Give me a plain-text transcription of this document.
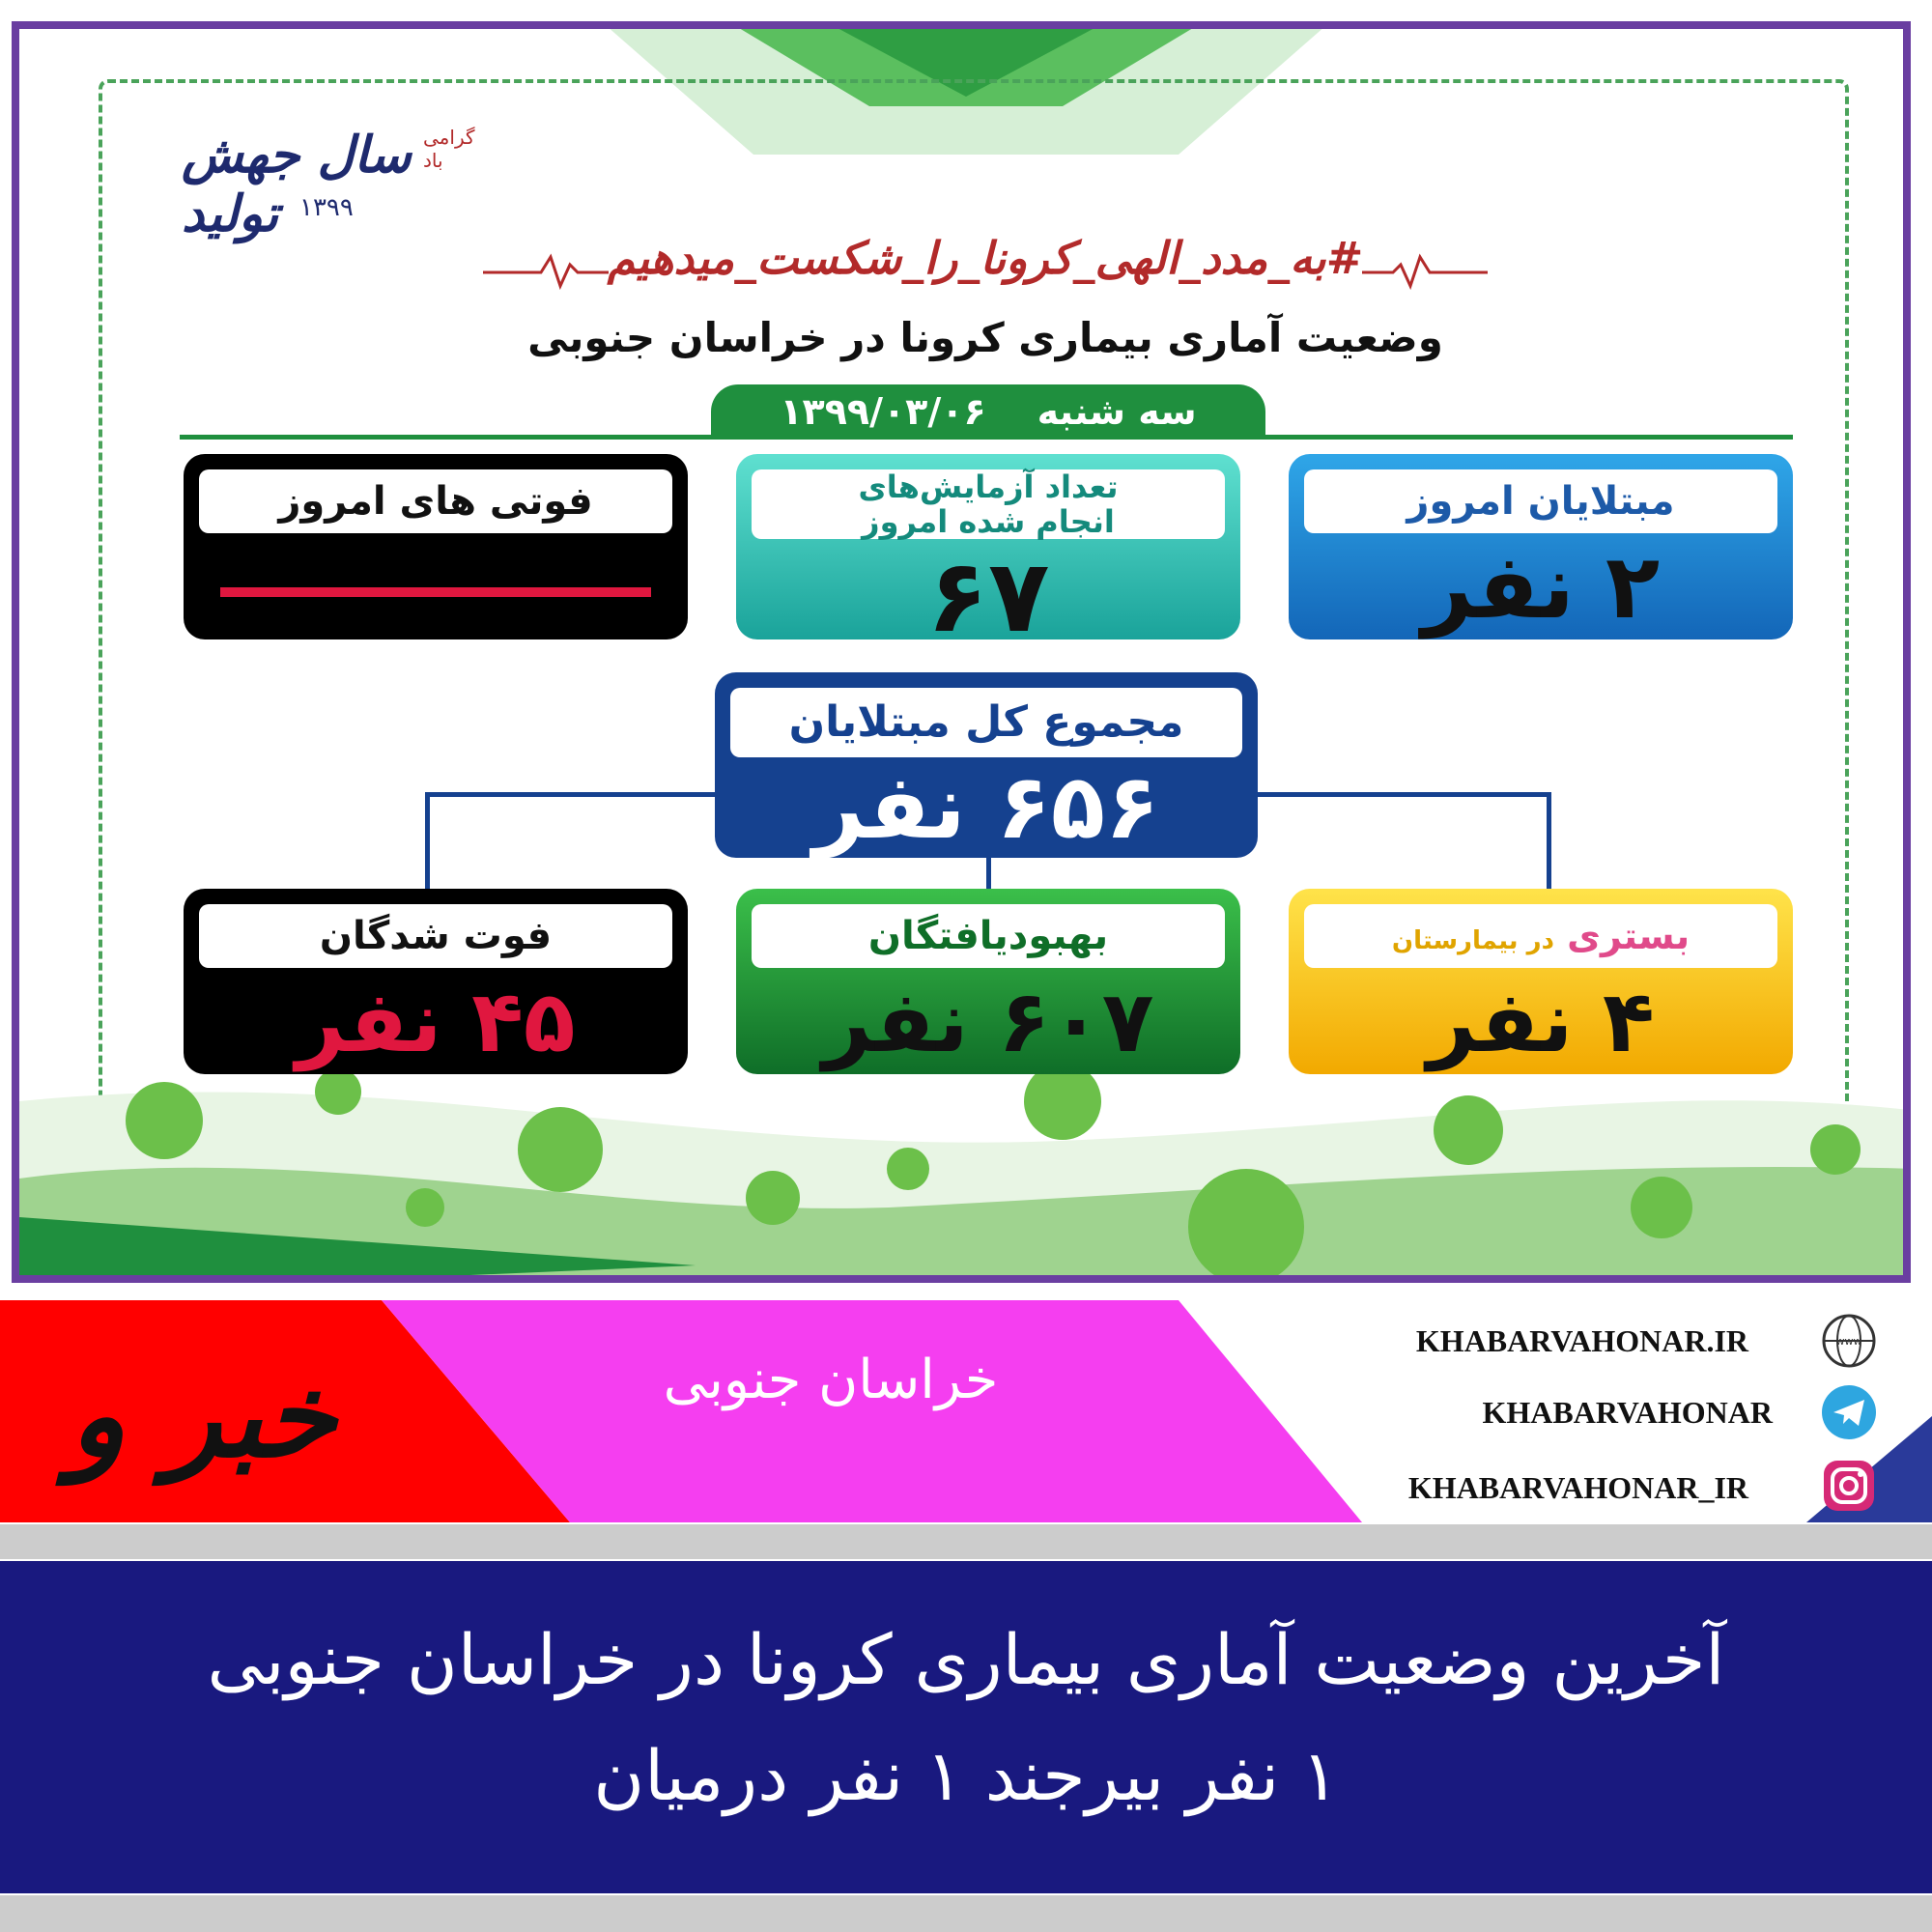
سال جهش تولید ۱۳۹۹
گرامی باد
#به_مدد_الهی_کرونا_را_شکست_میدهیم
وضعیت آماری بیماری کرونا در خراسان جنوبی
سه شنبه    ۱۳۹۹/۰۳/۰۶
مبتلایان امروز
۲ نفر
تعداد آزمایش‌های
انجام شده امروز
۶۷
فوتی های امروز
مجموع کل مبتلایان
۶۵۶ نفر
بستری در بیمارستان
۴ نفر
بهبودیافتگان
۶۰۷ نفر
فوت شدگان
۴۵ نفر
خبر و	خراسان جنوبی
KHABARVAHONAR.IR	www
KHABARVAHONAR
KHABARVAHONAR_IR
آخرین وضعیت آماری بیماری کرونا در خراسان جنوبی
۱ نفر بیرجند ۱ نفر درمیان
